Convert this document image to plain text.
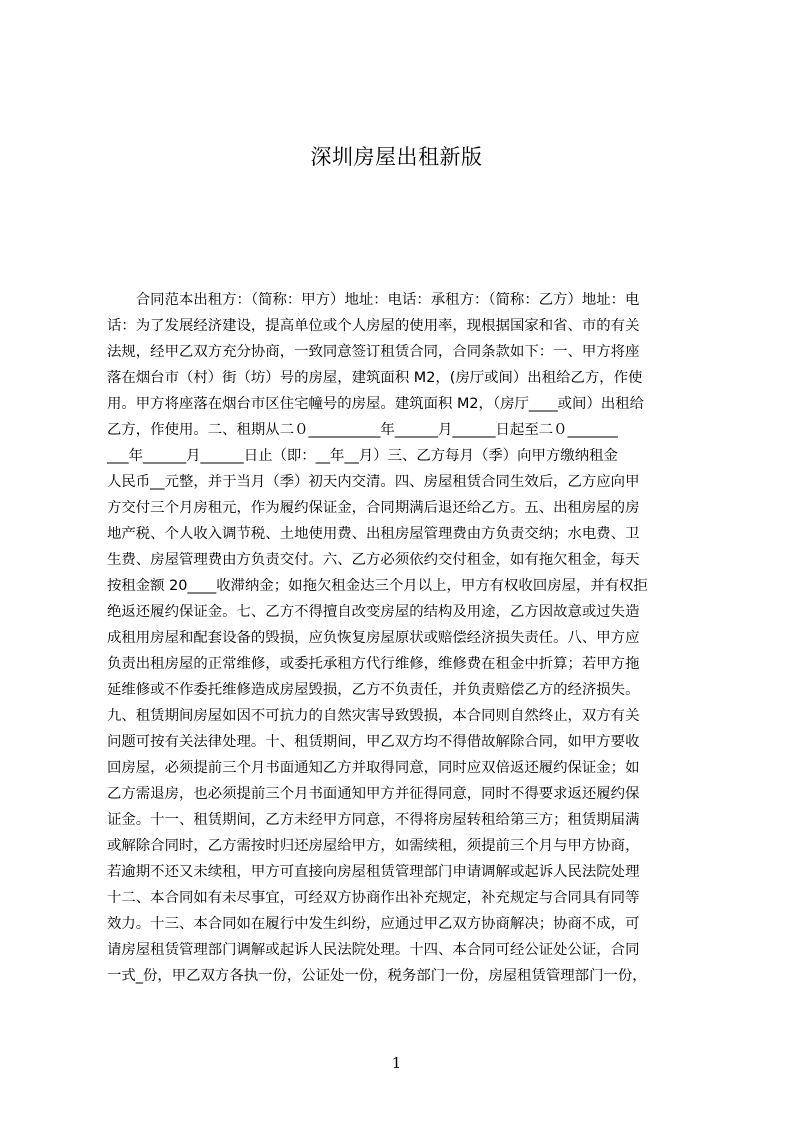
深圳房屋出租新版
　　合同范本出租方：（简称：甲方）地址：电话：承租方：（简称：乙方）地址：电
话：为了发展经济建设，提高单位或个人房屋的使用率，现根据国家和省、市的有关
法规，经甲乙双方充分协商，一致同意签订租赁合同，合同条款如下：一、甲方将座
落在烟台市（村）街（坊）号的房屋，建筑面积 M2，(房厅或间）出租给乙方，作使
用。甲方将座落在烟台市区住宅幢号的房屋。建筑面积 M2，（房厅____或间）出租给
乙方，作使用。二、租期从二０__________年______月______日起至二０_______
___年______月______日止（即：__年__月）三、乙方每月（季）向甲方缴纳租金
人民币__元整，并于当月（季）初天内交清。四、房屋租赁合同生效后，乙方应向甲
方交付三个月房租元，作为履约保证金，合同期满后退还给乙方。五、出租房屋的房
地产税、个人收入调节税、土地使用费、出租房屋管理费由方负责交纳；水电费、卫
生费、房屋管理费由方负责交付。六、乙方必须依约交付租金，如有拖欠租金，每天
按租金额 20____收滞纳金；如拖欠租金达三个月以上，甲方有权收回房屋，并有权拒
绝返还履约保证金。七、乙方不得擅自改变房屋的结构及用途，乙方因故意或过失造
成租用房屋和配套设备的毁损，应负恢复房屋原状或赔偿经济损失责任。八、甲方应
负责出租房屋的正常维修，或委托承租方代行维修，维修费在租金中折算；若甲方拖
延维修或不作委托维修造成房屋毁损，乙方不负责任，并负责赔偿乙方的经济损失。
九、租赁期间房屋如因不可抗力的自然灾害导致毁损，本合同则自然终止，双方有关
问题可按有关法律处理。十、租赁期间，甲乙双方均不得借故解除合同，如甲方要收
回房屋，必须提前三个月书面通知乙方并取得同意，同时应双倍返还履约保证金；如
乙方需退房，也必须提前三个月书面通知甲方并征得同意，同时不得要求返还履约保
证金。十一、租赁期间，乙方未经甲方同意，不得将房屋转租给第三方；租赁期届满
或解除合同时，乙方需按时归还房屋给甲方，如需续租，须提前三个月与甲方协商，
若逾期不还又未续租，甲方可直接向房屋租赁管理部门申请调解或起诉人民法院处理
十二、本合同如有未尽事宜，可经双方协商作出补充规定，补充规定与合同具有同等
效力。十三、本合同如在履行中发生纠纷，应通过甲乙双方协商解决；协商不成，可
请房屋租赁管理部门调解或起诉人民法院处理。十四、本合同可经公证处公证，合同
一式_份，甲乙双方各执一份，公证处一份，税务部门一份，房屋租赁管理部门一份，
1
